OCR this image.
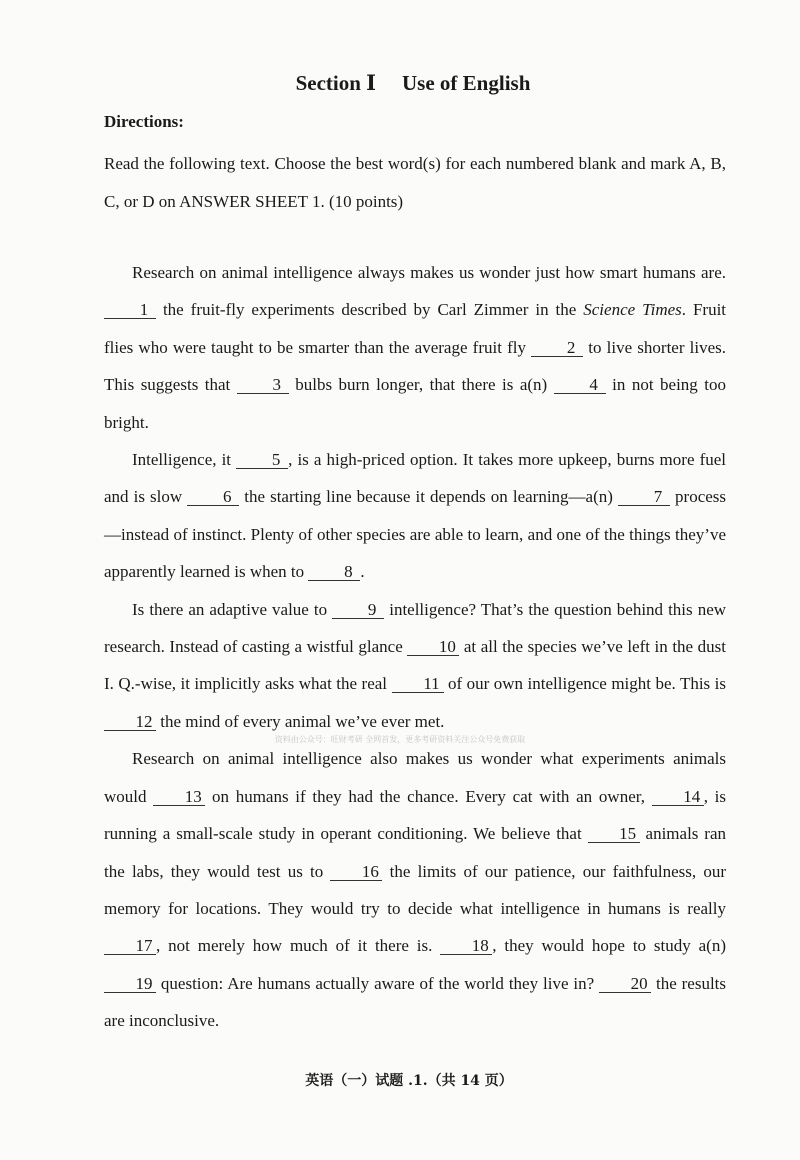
Section Ⅰ Use of English
Directions:
Read the following text. Choose the best word(s) for each numbered blank and mark A, B, C, or D on ANSWER SHEET 1. (10 points)

Research on animal intelligence always makes us wonder just how smart humans are. 1 the fruit-fly experiments described by Carl Zimmer in the Science Times. Fruit flies who were taught to be smarter than the average fruit fly 2 to live shorter lives. This suggests that 3 bulbs burn longer, that there is a(n) 4 in not being too bright.

Intelligence, it 5 , is a high-priced option. It takes more upkeep, burns more fuel and is slow 6 the starting line because it depends on learning—a(n) 7 process—instead of instinct. Plenty of other species are able to learn, and one of the things they’ve apparently learned is when to 8 .

Is there an adaptive value to 9 intelligence? That’s the question behind this new research. Instead of casting a wistful glance 10 at all the species we’ve left in the dust I. Q.-wise, it implicitly asks what the real 11 of our own intelligence might be. This is 12 the mind of every animal we’ve ever met.

Research on animal intelligence also makes us wonder what experiments animals would 13 on humans if they had the chance. Every cat with an owner, 14 , is running a small-scale study in operant conditioning. We believe that 15 animals ran the labs, they would test us to 16 the limits of our patience, our faithfulness, our memory for locations. They would try to decide what intelligence in humans is really 17 , not merely how much of it there is. 18 , they would hope to study a(n) 19 question: Are humans actually aware of the world they live in? 20 the results are inconclusive.

资料由公众号：旺财考研 全网首发，更多考研资料关注公众号免费获取
英语（一）试题 .1.（共 14 页）
